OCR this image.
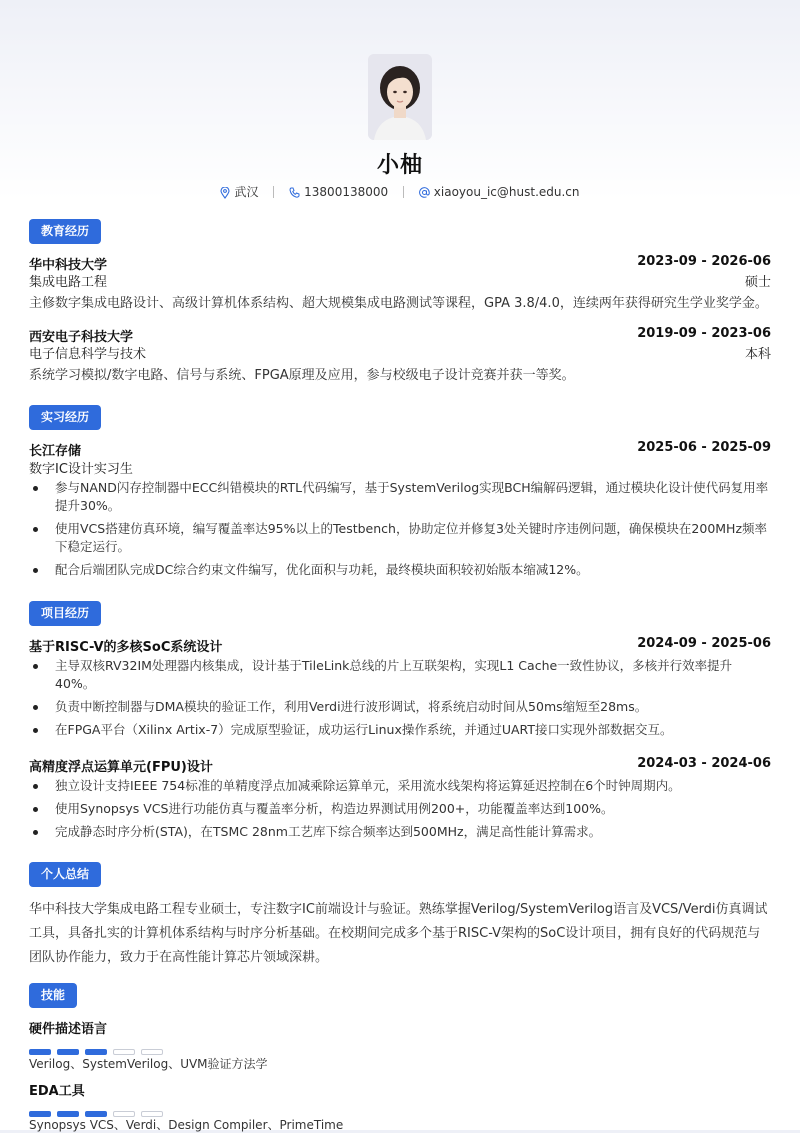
小柚
武汉	13800138000	xiaoyou_ic@hust.edu.cn
教育经历
华中科技大学	2023-09 - 2026-06
集成电路工程	硕士
主修数字集成电路设计、高级计算机体系结构、超大规模集成电路测试等课程，GPA 3.8/4.0，连续两年获得研究生学业奖学金。
西安电子科技大学	2019-09 - 2023-06
电子信息科学与技术	本科
系统学习模拟/数字电路、信号与系统、FPGA原理及应用，参与校级电子设计竞赛并获一等奖。
实习经历
长江存储	2025-06 - 2025-09
数字IC设计实习生
参与NAND闪存控制器中ECC纠错模块的RTL代码编写，基于SystemVerilog实现BCH编解码逻辑，通过模块化设计使代码复用率提升30%。
使用VCS搭建仿真环境，编写覆盖率达95%以上的Testbench，协助定位并修复3处关键时序违例问题，确保模块在200MHz频率下稳定运行。
配合后端团队完成DC综合约束文件编写，优化面积与功耗，最终模块面积较初始版本缩减12%。
项目经历
基于RISC-V的多核SoC系统设计	2024-09 - 2025-06
主导双核RV32IM处理器内核集成，设计基于TileLink总线的片上互联架构，实现L1 Cache一致性协议，多核并行效率提升40%。
负责中断控制器与DMA模块的验证工作，利用Verdi进行波形调试，将系统启动时间从50ms缩短至28ms。
在FPGA平台（Xilinx Artix-7）完成原型验证，成功运行Linux操作系统，并通过UART接口实现外部数据交互。
高精度浮点运算单元(FPU)设计	2024-03 - 2024-06
独立设计支持IEEE 754标准的单精度浮点加减乘除运算单元，采用流水线架构将运算延迟控制在6个时钟周期内。
使用Synopsys VCS进行功能仿真与覆盖率分析，构造边界测试用例200+，功能覆盖率达到100%。
完成静态时序分析(STA)，在TSMC 28nm工艺库下综合频率达到500MHz，满足高性能计算需求。
个人总结
华中科技大学集成电路工程专业硕士，专注数字IC前端设计与验证。熟练掌握Verilog/SystemVerilog语言及VCS/Verdi仿真调试工具，具备扎实的计算机体系结构与时序分析基础。在校期间完成多个基于RISC-V架构的SoC设计项目，拥有良好的代码规范与团队协作能力，致力于在高性能计算芯片领域深耕。
技能
硬件描述语言
Verilog、SystemVerilog、UVM验证方法学
EDA工具
Synopsys VCS、Verdi、Design Compiler、PrimeTime
